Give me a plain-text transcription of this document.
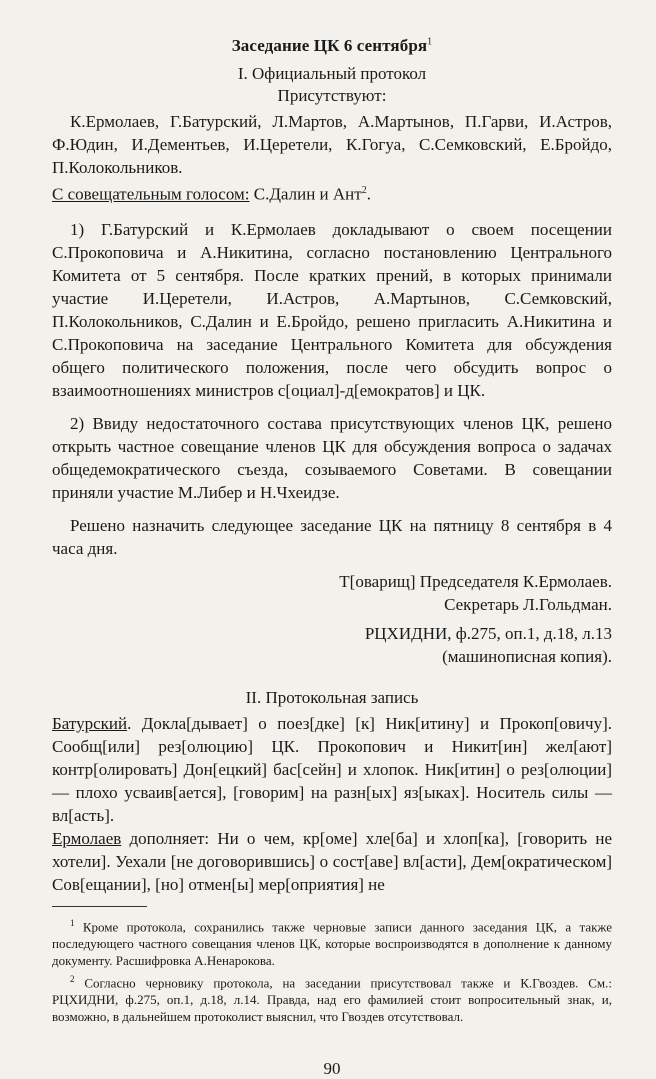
Заседание ЦК 6 сентября$^1$
I. Официальный протокол
Присутствуют:

К.Ермолаев, Г.Батурский, Л.Мартов, А.Мартынов, П.Гарви, И.Астров, Ф.Юдин, И.Дементьев, И.Церетели, К.Гогуа, С.Семковский, Е.Бройдо, П.Колокольников.

С совещательным голосом: С.Далин и Ант$^2$.

1) Г.Батурский и К.Ермолаев докладывают о своем посещении С.Прокоповича и А.Никитина, согласно постановлению Центрального Комитета от 5 сентября. После кратких прений, в которых принимали участие И.Церетели, И.Астров, А.Мартынов, С.Семковский, П.Колокольников, С.Далин и Е.Бройдо, решено пригласить А.Никитина и С.Прокоповича на заседание Центрального Комитета для обсуждения общего политического положения, после чего обсудить вопрос о взаимоотношениях министров с[оциал]-д[емократов] и ЦК.

2) Ввиду недостаточного состава присутствующих членов ЦК, решено открыть частное совещание членов ЦК для обсуждения вопроса о задачах общедемократического съезда, созываемого Советами. В совещании приняли участие М.Либер и Н.Чхеидзе.

Решено назначить следующее заседание ЦК на пятницу 8 сентября в 4 часа дня.

Т[оварищ] Председателя К.Ермолаев.
Секретарь Л.Гольдман.
РЦХИДНИ, ф.275, оп.1, д.18, л.13
(машинописная копия).
II. Протокольная запись

Батурский. Докла[дывает] о поез[дке] [к] Ник[итину] и Прокоп[овичу]. Сообщ[или] рез[олюцию] ЦК. Прокопович и Никит[ин] жел[ают] контр[олировать] Дон[ецкий] бас[сейн] и хлопок. Ник[итин] о рез[олюции] — плохо усваив[ается], [говорим] на разн[ых] яз[ыках]. Носитель силы — вл[асть].

Ермолаев дополняет: Ни о чем, кр[оме] хле[ба] и хлоп[ка], [говорить не хотели]. Уехали [не договорившись] о сост[аве] вл[асти], Дем[ократическом] Сов[ещании], [но] отмен[ы] мер[оприятия] не

$^1$ Кроме протокола, сохранились также черновые записи данного заседания ЦК, а также последующего частного совещания членов ЦК, которые воспроизводятся в дополнение к данному документу. Расшифровка А.Ненарокова.

$^2$ Согласно черновику протокола, на заседании присутствовал также и К.Гвоздев. См.: РЦХИДНИ, ф.275, оп.1, д.18, л.14. Правда, над его фамилией стоит вопросительный знак, и, возможно, в дальнейшем протоколист выяснил, что Гвоздев отсутствовал.

90
